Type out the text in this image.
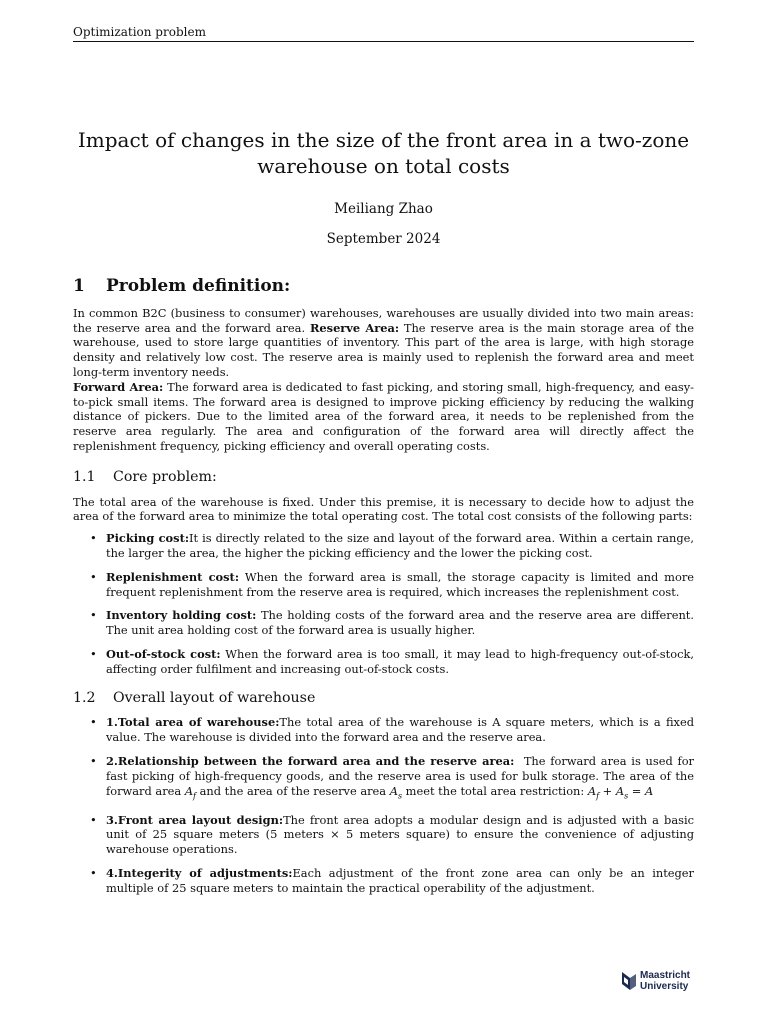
Optimization problem
Impact of changes in the size of the front area in a two-zone
warehouse on total costs
Meiliang Zhao
September 2024
1 Problem definition:

In common B2C (business to consumer) warehouses, warehouses are usually divided into two main areas: the reserve area and the forward area. Reserve Area: The reserve area is the main storage area of the warehouse, used to store large quantities of inventory. This part of the area is large, with high storage density and relatively low cost. The reserve area is mainly used to replenish the forward area and meet long-term inventory needs.
Forward Area: The forward area is dedicated to fast picking, and storing small, high-frequency, and easy-to-pick small items. The forward area is designed to improve picking efficiency by reducing the walking distance of pickers. Due to the limited area of the forward area, it needs to be replenished from the reserve area regularly. The area and configuration of the forward area will directly affect the replenishment frequency, picking efficiency and overall operating costs.

1.1 Core problem:

The total area of the warehouse is fixed. Under this premise, it is necessary to decide how to adjust the area of the forward area to minimize the total operating cost. The total cost consists of the following parts:

• Picking cost:It is directly related to the size and layout of the forward area. Within a certain range, the larger the area, the higher the picking efficiency and the lower the picking cost.
• Replenishment cost: When the forward area is small, the storage capacity is limited and more frequent replenishment from the reserve area is required, which increases the replenishment cost.
• Inventory holding cost: The holding costs of the forward area and the reserve area are different. The unit area holding cost of the forward area is usually higher.
• Out-of-stock cost: When the forward area is too small, it may lead to high-frequency out-of-stock, affecting order fulfilment and increasing out-of-stock costs.
1.2 Overall layout of warehouse
• 1.Total area of warehouse:The total area of the warehouse is A square meters, which is a fixed value. The warehouse is divided into the forward area and the reserve area.
• 2.Relationship between the forward area and the reserve area:  The forward area is used for fast picking of high-frequency goods, and the reserve area is used for bulk storage. The area of the forward area $A_f$ and the area of the reserve area $A_s$ meet the total area restriction: $A_f + A_s = A$
• 3.Front area layout design:The front area adopts a modular design and is adjusted with a basic unit of 25 square meters (5 meters × 5 meters square) to ensure the convenience of adjusting warehouse operations.
• 4.Integerity of adjustments:Each adjustment of the front zone area can only be an integer multiple of 25 square meters to maintain the practical operability of the adjustment.
Maastricht
University
